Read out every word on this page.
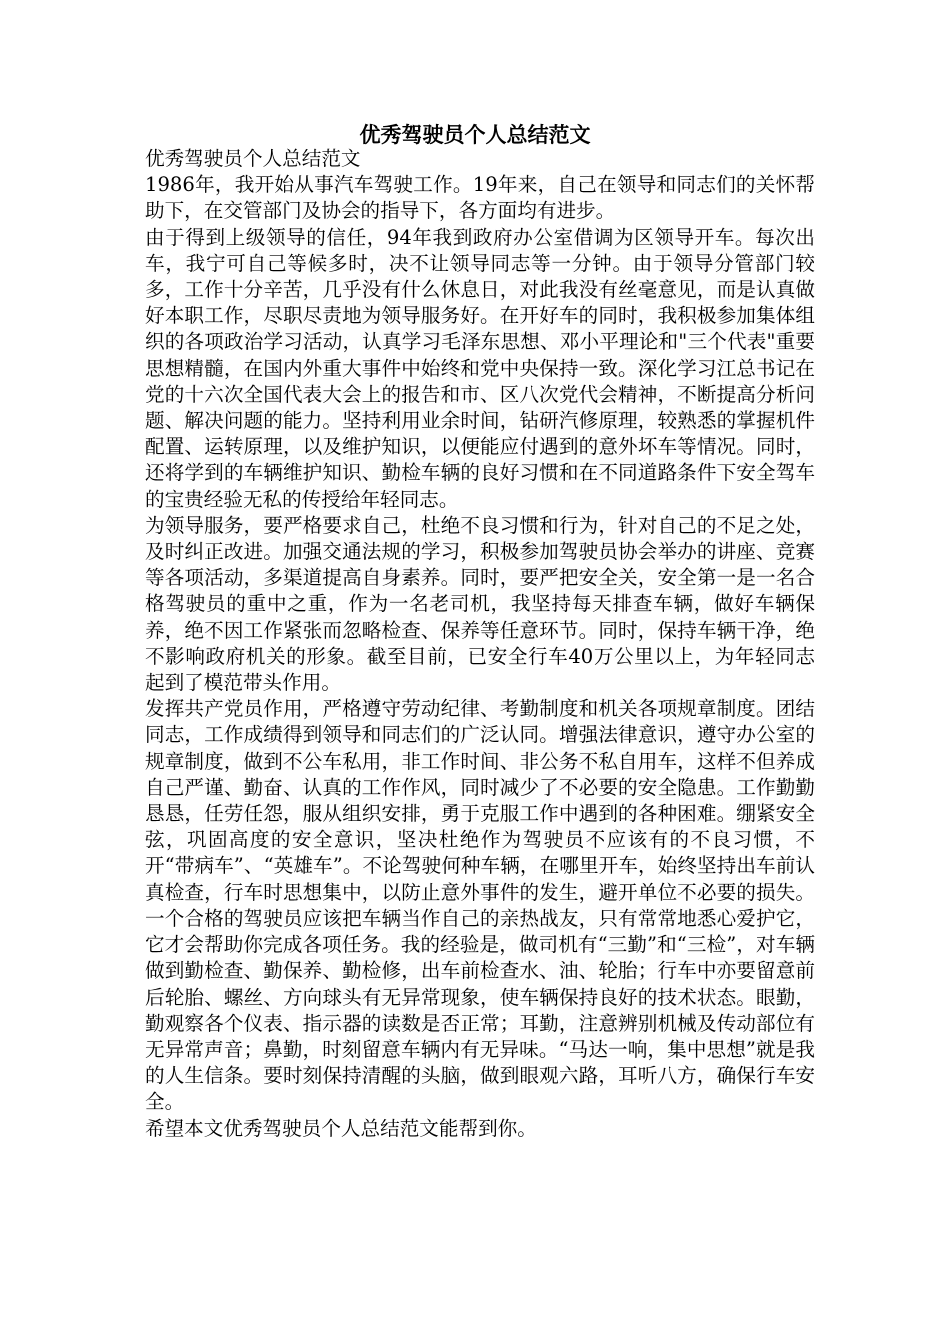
优秀驾驶员个人总结范文

优秀驾驶员个人总结范文

1986年，我开始从事汽车驾驶工作。19年来，自己在领导和同志们的关怀帮助下，在交管部门及协会的指导下，各方面均有进步。

由于得到上级领导的信任，94年我到政府办公室借调为区领导开车。每次出车，我宁可自己等候多时，决不让领导同志等一分钟。由于领导分管部门较多，工作十分辛苦，几乎没有什么休息日，对此我没有丝毫意见，而是认真做好本职工作，尽职尽责地为领导服务好。在开好车的同时，我积极参加集体组织的各项政治学习活动，认真学习毛泽东思想、邓小平理论和"三个代表"重要思想精髓，在国内外重大事件中始终和党中央保持一致。深化学习江总书记在党的十六次全国代表大会上的报告和市、区八次党代会精神，不断提高分析问题、解决问题的能力。坚持利用业余时间，钻研汽修原理，较熟悉的掌握机件配置、运转原理，以及维护知识，以便能应付遇到的意外坏车等情况。同时，还将学到的车辆维护知识、勤检车辆的良好习惯和在不同道路条件下安全驾车的宝贵经验无私的传授给年轻同志。

为领导服务，要严格要求自己，杜绝不良习惯和行为，针对自己的不足之处，及时纠正改进。加强交通法规的学习，积极参加驾驶员协会举办的讲座、竞赛等各项活动，多渠道提高自身素养。同时，要严把安全关，安全第一是一名合格驾驶员的重中之重，作为一名老司机，我坚持每天排查车辆，做好车辆保养，绝不因工作紧张而忽略检查、保养等任意环节。同时，保持车辆干净，绝不影响政府机关的形象。截至目前，已安全行车40万公里以上，为年轻同志起到了模范带头作用。

发挥共产党员作用，严格遵守劳动纪律、考勤制度和机关各项规章制度。团结同志，工作成绩得到领导和同志们的广泛认同。增强法律意识，遵守办公室的规章制度，做到不公车私用，非工作时间、非公务不私自用车，这样不但养成自己严谨、勤奋、认真的工作作风，同时减少了不必要的安全隐患。工作勤勤恳恳，任劳任怨，服从组织安排，勇于克服工作中遇到的各种困难。绷紧安全弦，巩固高度的安全意识，坚决杜绝作为驾驶员不应该有的不良习惯，不开“带病车”、“英雄车”。不论驾驶何种车辆，在哪里开车，始终坚持出车前认真检查，行车时思想集中，以防止意外事件的发生，避开单位不必要的损失。一个合格的驾驶员应该把车辆当作自己的亲热战友，只有常常地悉心爱护它，它才会帮助你完成各项任务。我的经验是，做司机有“三勤”和“三检”，对车辆做到勤检查、勤保养、勤检修，出车前检查水、油、轮胎；行车中亦要留意前后轮胎、螺丝、方向球头有无异常现象，使车辆保持良好的技术状态。眼勤，勤观察各个仪表、指示器的读数是否正常；耳勤，注意辨别机械及传动部位有无异常声音；鼻勤，时刻留意车辆内有无异味。“马达一响，集中思想”就是我的人生信条。要时刻保持清醒的头脑，做到眼观六路，耳听八方，确保行车安全。

希望本文优秀驾驶员个人总结范文能帮到你。
